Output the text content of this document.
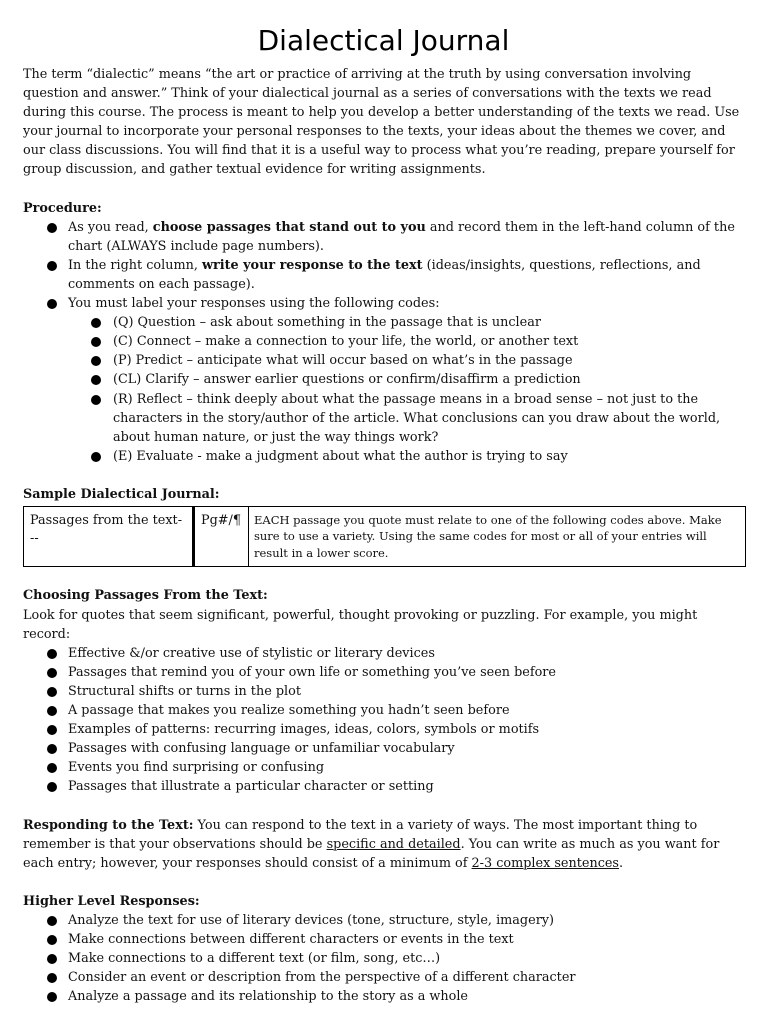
Dialectical Journal

The term “dialectic” means “the art or practice of arriving at the truth by using conversation involving question and answer.” Think of your dialectical journal as a series of conversations with the texts we read during this course. The process is meant to help you develop a better understanding of the texts we read. Use your journal to incorporate your personal responses to the texts, your ideas about the themes we cover, and our class discussions. You will find that it is a useful way to process what you’re reading, prepare yourself for group discussion, and gather textual evidence for writing assignments.

Procedure:

As you read, choose passages that stand out to you and record them in the left-hand column of the chart (ALWAYS include page numbers).
In the right column, write your response to the text (ideas/insights, questions, reflections, and comments on each passage).
You must label your responses using the following codes:
(Q) Question – ask about something in the passage that is unclear
(C) Connect – make a connection to your life, the world, or another text
(P) Predict – anticipate what will occur based on what’s in the passage
(CL) Clarify – answer earlier questions or confirm/disaffirm a prediction
(R) Reflect – think deeply about what the passage means in a broad sense – not just to the characters in the story/author of the article. What conclusions can you draw about the world, about human nature, or just the way things work?
(E) Evaluate - make a judgment about what the author is trying to say

Sample Dialectical Journal:

Passages from the text---	Pg#/¶	EACH passage you quote must relate to one of the following codes above. Make sure to use a variety. Using the same codes for most or all of your entries will result in a lower score.

Choosing Passages From the Text:

Look for quotes that seem significant, powerful, thought provoking or puzzling. For example, you might record:

Effective &/or creative use of stylistic or literary devices
Passages that remind you of your own life or something you’ve seen before
Structural shifts or turns in the plot
A passage that makes you realize something you hadn’t seen before
Examples of patterns: recurring images, ideas, colors, symbols or motifs
Passages with confusing language or unfamiliar vocabulary
Events you find surprising or confusing
Passages that illustrate a particular character or setting

Responding to the Text: You can respond to the text in a variety of ways. The most important thing to remember is that your observations should be specific and detailed. You can write as much as you want for each entry; however, your responses should consist of a minimum of 2-3 complex sentences.

Higher Level Responses:

Analyze the text for use of literary devices (tone, structure, style, imagery)
Make connections between different characters or events in the text
Make connections to a different text (or film, song, etc…)
Consider an event or description from the perspective of a different character
Analyze a passage and its relationship to the story as a whole
